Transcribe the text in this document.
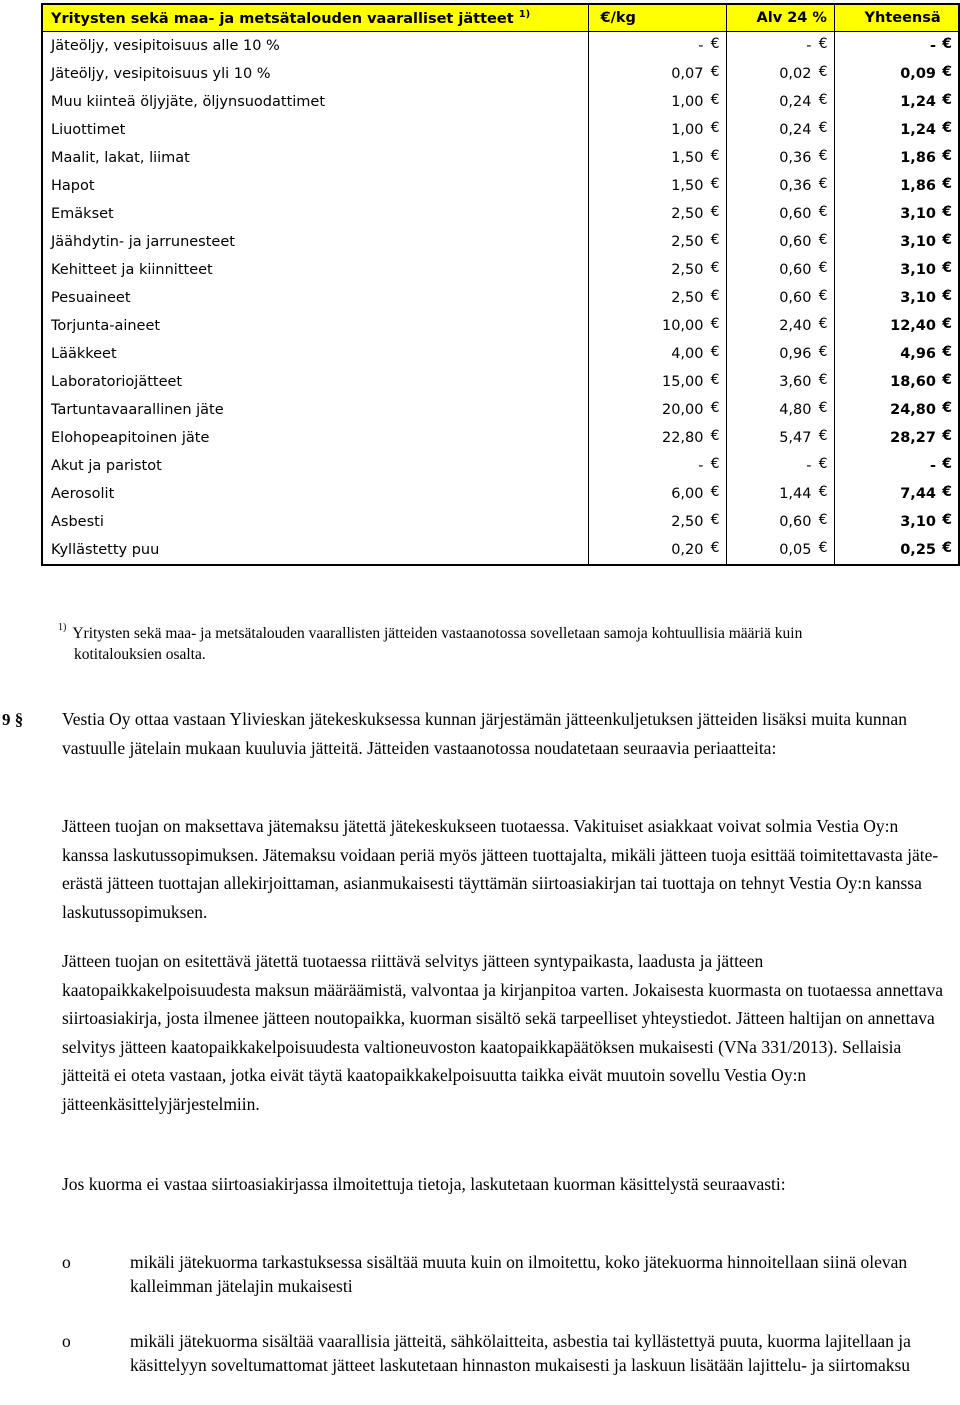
Yritysten sekä maa- ja metsätalouden vaaralliset jätteet $^{1)}$	€/kg	Alv 24 %	Yhteensä
Jäteöljy, vesipitoisuus alle 10 %	- €	- €	- €
Jäteöljy, vesipitoisuus yli 10 %	0,07 €	0,02 €	0,09 €
Muu kiinteä öljyjäte, öljynsuodattimet	1,00 €	0,24 €	1,24 €
Liuottimet	1,00 €	0,24 €	1,24 €
Maalit, lakat, liimat	1,50 €	0,36 €	1,86 €
Hapot	1,50 €	0,36 €	1,86 €
Emäkset	2,50 €	0,60 €	3,10 €
Jäähdytin- ja jarrunesteet	2,50 €	0,60 €	3,10 €
Kehitteet ja kiinnitteet	2,50 €	0,60 €	3,10 €
Pesuaineet	2,50 €	0,60 €	3,10 €
Torjunta-aineet	10,00 €	2,40 €	12,40 €
Lääkkeet	4,00 €	0,96 €	4,96 €
Laboratoriojätteet	15,00 €	3,60 €	18,60 €
Tartuntavaarallinen jäte	20,00 €	4,80 €	24,80 €
Elohopeapitoinen jäte	22,80 €	5,47 €	28,27 €
Akut ja paristot	- €	- €	- €
Aerosolit	6,00 €	1,44 €	7,44 €
Asbesti	2,50 €	0,60 €	3,10 €
Kyllästetty puu	0,20 €	0,05 €	0,25 €
$^{1)}$ Yritysten sekä maa- ja metsätalouden vaarallisten jätteiden vastaanotossa sovelletaan samoja kohtuullisia määriä kuin
kotitalouksien osalta.
9 § Vestia Oy ottaa vastaan Ylivieskan jätekeskuksessa kunnan järjestämän jätteenkuljetuksen jätteiden lisäksi muita kunnan vastuulle jätelain mukaan kuuluvia jätteitä. Jätteiden vastaanotossa noudatetaan seuraavia periaatteita:

Jätteen tuojan on maksettava jätemaksu jätettä jätekeskukseen tuotaessa. Vakituiset asiakkaat voivat solmia Vestia Oy:n kanssa laskutussopimuksen. Jätemaksu voidaan periä myös jätteen tuottajalta, mikäli jätteen tuoja esittää toimitettavasta jäte-erästä jätteen tuottajan allekirjoittaman, asianmukaisesti täyttämän siirtoasiakirjan tai tuottaja on tehnyt Vestia Oy:n kanssa laskutussopimuksen.

Jätteen tuojan on esitettävä jätettä tuotaessa riittävä selvitys jätteen syntypaikasta, laadusta ja jätteen kaatopaikkakelpoisuudesta maksun määräämistä, valvontaa ja kirjanpitoa varten. Jokaisesta kuormasta on tuotaessa annettava siirtoasiakirja, josta ilmenee jätteen noutopaikka, kuorman sisältö sekä tarpeelliset yhteystiedot. Jätteen haltijan on annettava selvitys jätteen kaatopaikkakelpoisuudesta valtioneuvoston kaatopaikkapäätöksen mukaisesti (VNa 331/2013). Sellaisia jätteitä ei oteta vastaan, jotka eivät täytä kaatopaikkakelpoisuutta taikka eivät muutoin sovellu Vestia Oy:n jätteenkäsittelyjärjestelmiin.

Jos kuorma ei vastaa siirtoasiakirjassa ilmoitettuja tietoja, laskutetaan kuorman käsittelystä seuraavasti:

o	mikäli jätekuorma tarkastuksessa sisältää muuta kuin on ilmoitettu, koko jätekuorma hinnoitellaan siinä olevan kalleimman jätelajin mukaisesti
o	mikäli jätekuorma sisältää vaarallisia jätteitä, sähkölaitteita, asbestia tai kyllästettyä puuta, kuorma lajitellaan ja käsittelyyn soveltumattomat jätteet laskutetaan hinnaston mukaisesti ja laskuun lisätään lajittelu- ja siirtomaksu
